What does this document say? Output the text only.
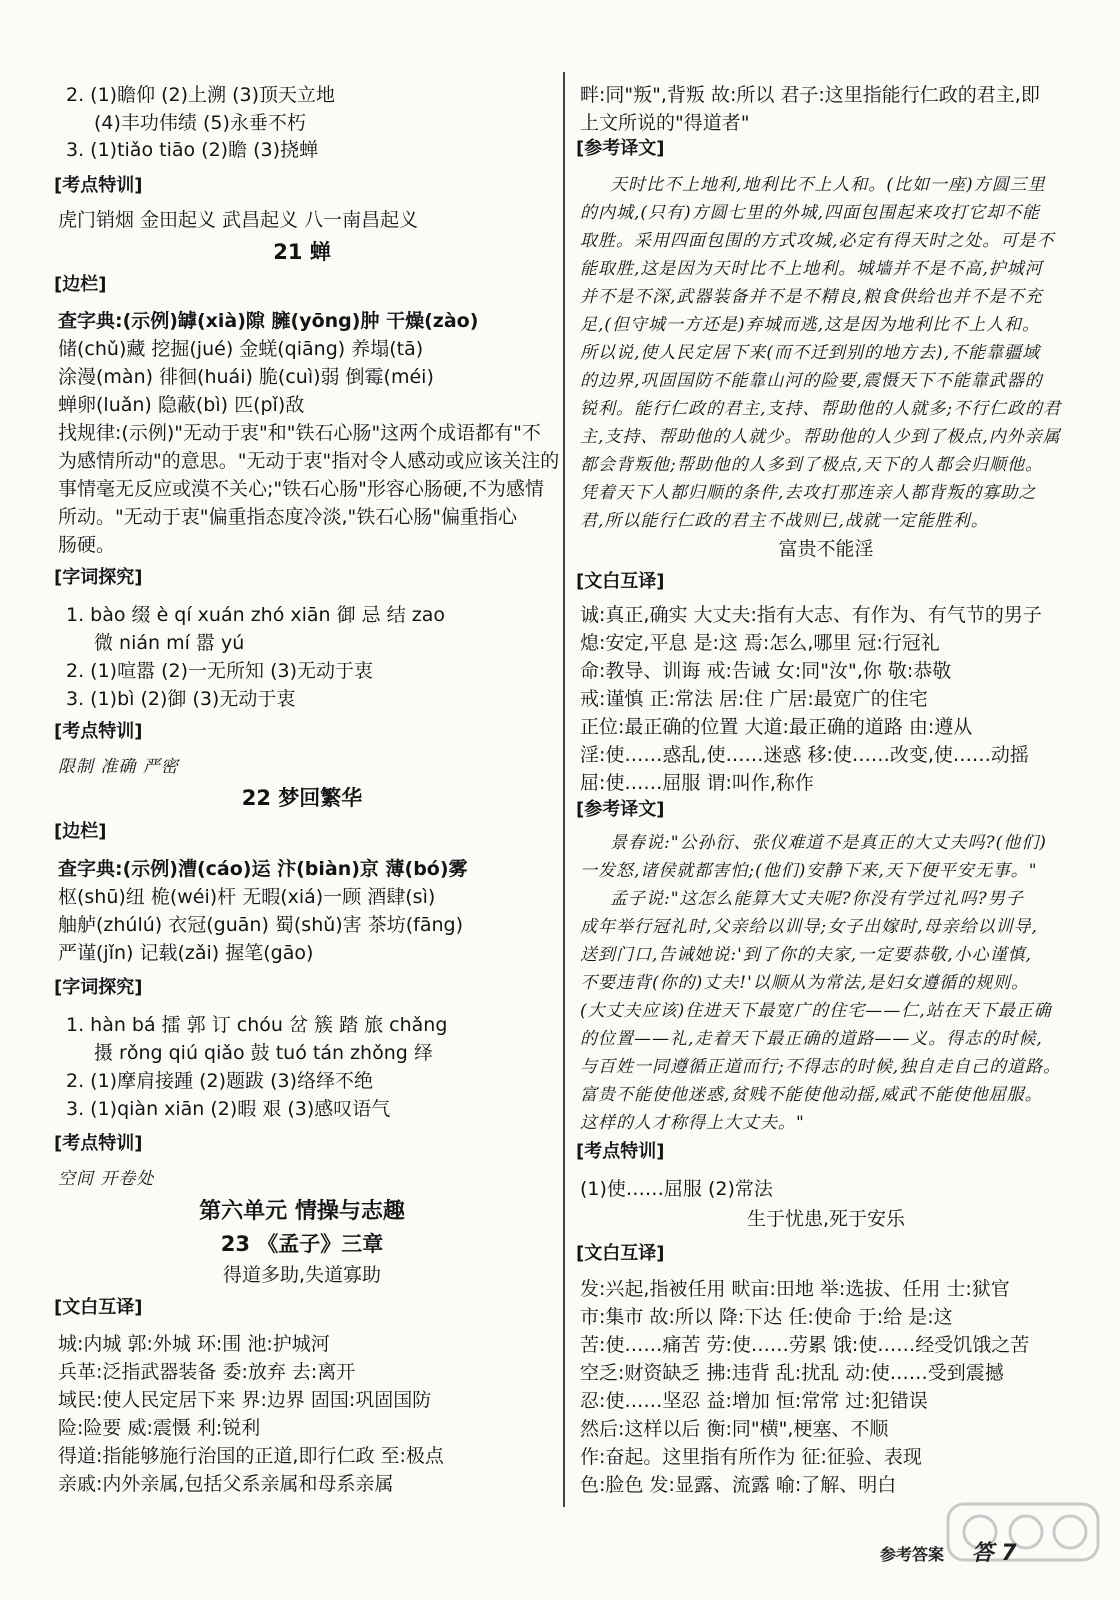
2. (1)瞻仰 (2)上溯 (3)顶天立地
(4)丰功伟绩 (5)永垂不朽
3. (1)tiǎo tiāo (2)瞻 (3)挠蝉
[ 考点特训 ]
虎门销烟 金田起义 武昌起义 八一南昌起义
21 蝉
[ 边栏 ]
查字典:(示例)罅(xià)隙 臃(yōng)肿 干燥(zào)
储(chǔ)藏 挖掘(jué) 金蜣(qiāng) 养塌(tā)
涂漫(màn) 徘徊(huái) 脆(cuì)弱 倒霉(méi)
蝉卵(luǎn) 隐蔽(bì) 匹(pǐ)敌
找规律:(示例)"无动于衷"和"铁石心肠"这两个成语都有"不
为感情所动"的意思。"无动于衷"指对令人感动或应该关注的
事情毫无反应或漠不关心;"铁石心肠"形容心肠硬,不为感情
所动。"无动于衷"偏重指态度冷淡,"铁石心肠"偏重指心
肠硬。
[ 字词探究 ]
1. bào 缀 è qí xuán zhó xiān 御 忌 结 zao
微 nián mí 嚣 yú
2. (1)喧嚣 (2)一无所知 (3)无动于衷
3. (1)bì (2)御 (3)无动于衷
[ 考点特训 ]
限制 准确 严密
22 梦回繁华
[ 边栏 ]
查字典:(示例)漕(cáo)运 汴(biàn)京 薄(bó)雾
枢(shū)纽 桅(wéi)杆 无暇(xiá)一顾 酒肆(sì)
舳舻(zhúlú) 衣冠(guān) 蜀(shǔ)害 茶坊(fāng)
严谨(jǐn) 记载(zǎi) 握笔(gāo)
[ 字词探究 ]
1. hàn bá 擂 郭 订 chóu 岔 簇 踏 旅 chǎng
摄 rǒng qiú qiǎo 鼓 tuó tán zhǒng 绎
2. (1)摩肩接踵 (2)题跋 (3)络绎不绝
3. (1)qiàn xiān (2)暇 艰 (3)感叹语气
[ 考点特训 ]
空间 开卷处
第六单元 情操与志趣
23 《孟子》三章
得道多助,失道寡助
[ 文白互译 ]
城:内城 郭:外城 环:围 池:护城河
兵革:泛指武器装备 委:放弃 去:离开
域民:使人民定居下来 界:边界 固国:巩固国防
险:险要 威:震慑 利:锐利
得道:指能够施行治国的正道,即行仁政 至:极点
亲戚:内外亲属,包括父系亲属和母系亲属
畔:同"叛",背叛 故:所以 君子:这里指能行仁政的君主,即
上文所说的"得道者"
[ 参考译文 ]
天时比不上地利,地利比不上人和。(比如一座)方圆三里
的内城,(只有)方圆七里的外城,四面包围起来攻打它却不能
取胜。采用四面包围的方式攻城,必定有得天时之处。可是不
能取胜,这是因为天时比不上地利。城墙并不是不高,护城河
并不是不深,武器装备并不是不精良,粮食供给也并不是不充
足,(但守城一方还是)弃城而逃,这是因为地利比不上人和。
所以说,使人民定居下来(而不迁到别的地方去),不能靠疆域
的边界,巩固国防不能靠山河的险要,震慑天下不能靠武器的
锐利。能行仁政的君主,支持、帮助他的人就多;不行仁政的君
主,支持、帮助他的人就少。帮助他的人少到了极点,内外亲属
都会背叛他;帮助他的人多到了极点,天下的人都会归顺他。
凭着天下人都归顺的条件,去攻打那连亲人都背叛的寡助之
君,所以能行仁政的君主不战则已,战就一定能胜利。
富贵不能淫
[ 文白互译 ]
诚:真正,确实 大丈夫:指有大志、有作为、有气节的男子
熄:安定,平息 是:这 焉:怎么,哪里 冠:行冠礼
命:教导、训诲 戒:告诫 女:同"汝",你 敬:恭敬
戒:谨慎 正:常法 居:住 广居:最宽广的住宅
正位:最正确的位置 大道:最正确的道路 由:遵从
淫:使……惑乱,使……迷惑 移:使……改变,使……动摇
屈:使……屈服 谓:叫作,称作
[ 参考译文 ]
景春说:"公孙衍、张仪难道不是真正的大丈夫吗?(他们)
一发怒,诸侯就都害怕;(他们)安静下来,天下便平安无事。"
孟子说:"这怎么能算大丈夫呢?你没有学过礼吗?男子
成年举行冠礼时,父亲给以训导;女子出嫁时,母亲给以训导,
送到门口,告诫她说:'到了你的夫家,一定要恭敬,小心谨慎,
不要违背(你的)丈夫!'以顺从为常法,是妇女遵循的规则。
(大丈夫应该)住进天下最宽广的住宅——仁,站在天下最正确
的位置——礼,走着天下最正确的道路——义。得志的时候,
与百姓一同遵循正道而行;不得志的时候,独自走自己的道路。
富贵不能使他迷惑,贫贱不能使他动摇,威武不能使他屈服。
这样的人才称得上大丈夫。"
[ 考点特训 ]
(1)使……屈服 (2)常法
生于忧患,死于安乐
[ 文白互译 ]
发:兴起,指被任用 畎亩:田地 举:选拔、任用 士:狱官
市:集市 故:所以 降:下达 任:使命 于:给 是:这
苦:使……痛苦 劳:使……劳累 饿:使……经受饥饿之苦
空乏:财资缺乏 拂:违背 乱:扰乱 动:使……受到震撼
忍:使……坚忍 益:增加 恒:常常 过:犯错误
然后:这样以后 衡:同"横",梗塞、不顺
作:奋起。这里指有所作为 征:征验、表现
色:脸色 发:显露、流露 喻:了解、明白
参考答案 答 7
